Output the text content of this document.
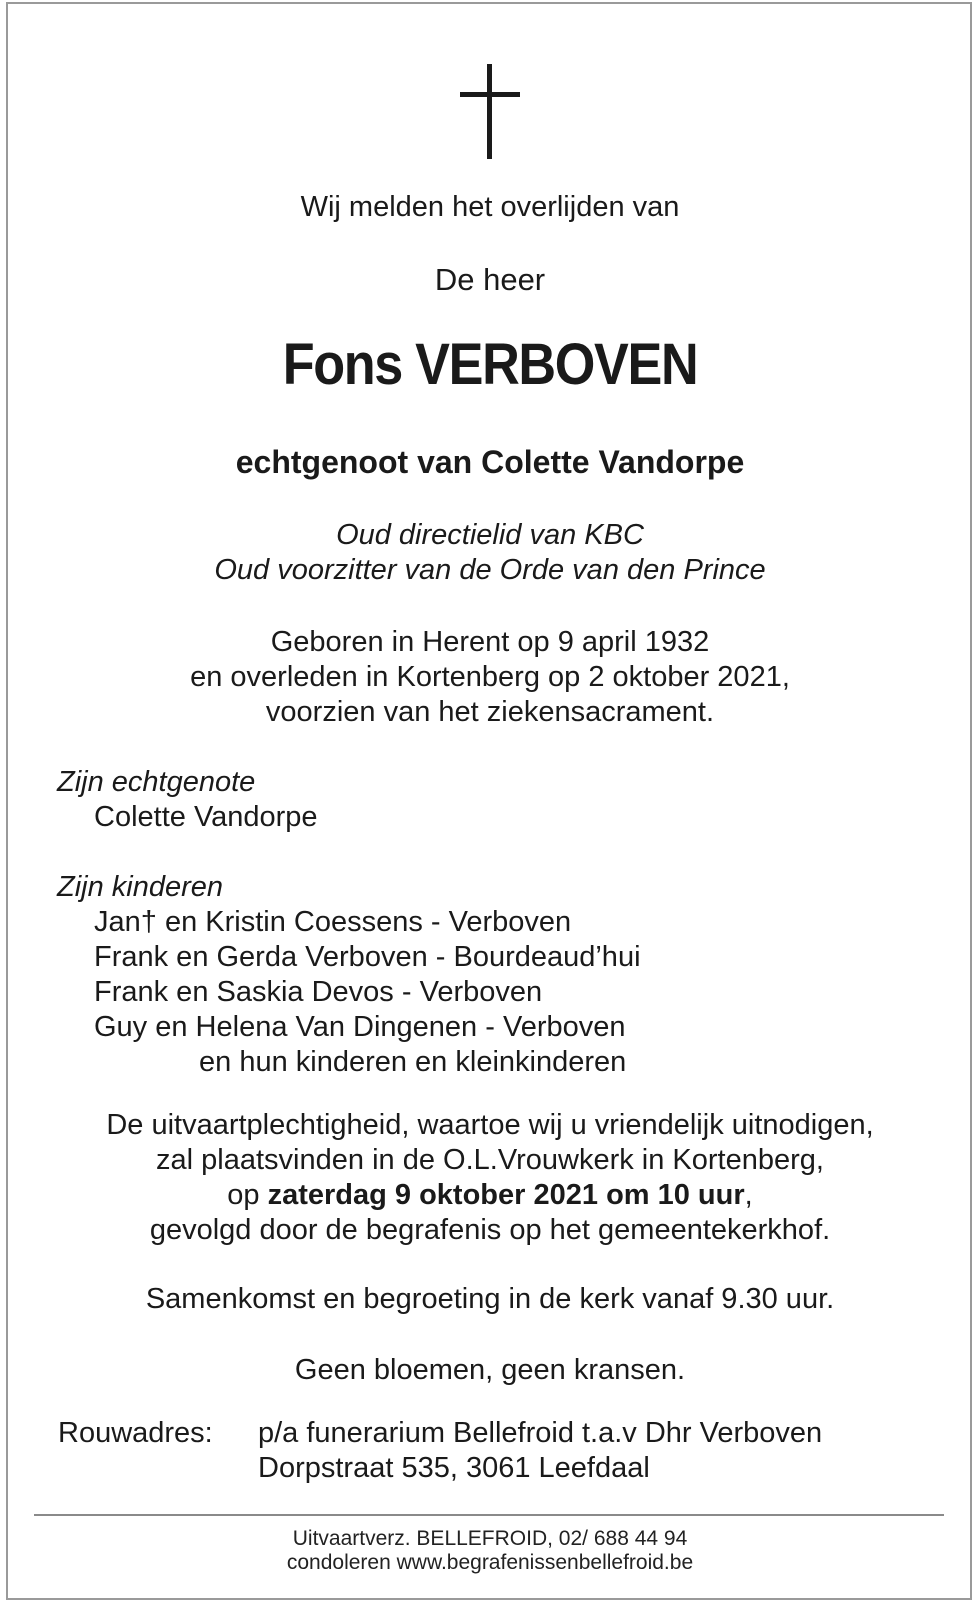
Wij melden het overlijden van
De heer
Fons VERBOVEN
echtgenoot van Colette Vandorpe
Oud directielid van KBC
Oud voorzitter van de Orde van den Prince
Geboren in Herent op 9 april 1932
en overleden in Kortenberg op 2 oktober 2021,
voorzien van het ziekensacrament.
Zijn echtgenote
Colette Vandorpe
Zijn kinderen
Jan† en Kristin Coessens - Verboven
Frank en Gerda Verboven - Bourdeaud’hui
Frank en Saskia Devos - Verboven
Guy en Helena Van Dingenen - Verboven
en hun kinderen en kleinkinderen
De uitvaartplechtigheid, waartoe wij u vriendelijk uitnodigen,
zal plaatsvinden in de O.L.Vrouwkerk in Kortenberg,
op zaterdag 9 oktober 2021 om 10 uur,
gevolgd door de begrafenis op het gemeentekerkhof.
Samenkomst en begroeting in de kerk vanaf 9.30 uur.
Geen bloemen, geen kransen.
Rouwadres: p/a funerarium Bellefroid t.a.v Dhr Verboven
Dorpstraat 535, 3061 Leefdaal
Uitvaartverz. BELLEFROID, 02/ 688 44 94
condoleren www.begrafenissenbellefroid.be
